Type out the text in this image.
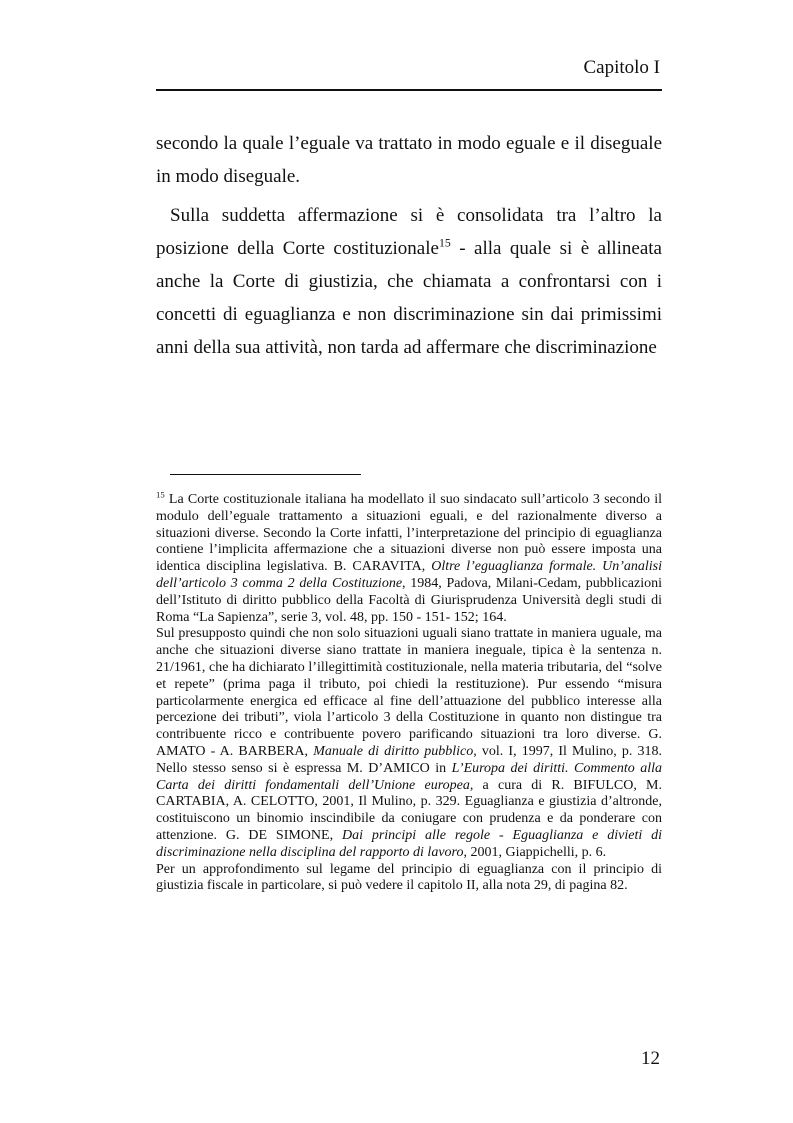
Capitolo I

secondo la quale l’eguale va trattato in modo eguale e il diseguale in modo diseguale.

Sulla suddetta affermazione si è consolidata tra l’altro la posizione della Corte costituzionale$^{15}$ - alla quale si è allineata anche la Corte di giustizia, che chiamata a confrontarsi con i concetti di eguaglianza e non discriminazione sin dai primissimi anni della sua attività, non tarda ad affermare che discriminazione

$^{15}$ La Corte costituzionale italiana ha modellato il suo sindacato sull’articolo 3 secondo il modulo dell’eguale trattamento a situazioni eguali, e del razionalmente diverso a situazioni diverse. Secondo la Corte infatti, l’interpretazione del principio di eguaglianza contiene l’implicita affermazione che a situazioni diverse non può essere imposta una identica disciplina legislativa. B. CARAVITA, Oltre l’eguaglianza formale. Un’analisi dell’articolo 3 comma 2 della Costituzione, 1984, Padova, Milani-Cedam, pubblicazioni dell’Istituto di diritto pubblico della Facoltà di Giurisprudenza Università degli studi di Roma “La Sapienza”, serie 3, vol. 48, pp. 150 - 151- 152; 164.

Sul presupposto quindi che non solo situazioni uguali siano trattate in maniera uguale, ma anche che situazioni diverse siano trattate in maniera ineguale, tipica è la sentenza n. 21/1961, che ha dichiarato l’illegittimità costituzionale, nella materia tributaria, del “solve et repete” (prima paga il tributo, poi chiedi la restituzione). Pur essendo “misura particolarmente energica ed efficace al fine dell’attuazione del pubblico interesse alla percezione dei tributi”, viola l’articolo 3 della Costituzione in quanto non distingue tra contribuente ricco e contribuente povero parificando situazioni tra loro diverse. G. AMATO - A. BARBERA, Manuale di diritto pubblico, vol. I, 1997, Il Mulino, p. 318. Nello stesso senso si è espressa M. D’AMICO in L’Europa dei diritti. Commento alla Carta dei diritti fondamentali dell’Unione europea, a cura di R. BIFULCO, M. CARTABIA, A. CELOTTO, 2001, Il Mulino, p. 329. Eguaglianza e giustizia d’altronde, costituiscono un binomio inscindibile da coniugare con prudenza e da ponderare con attenzione. G. DE SIMONE, Dai principi alle regole - Eguaglianza e divieti di discriminazione nella disciplina del rapporto di lavoro, 2001, Giappichelli, p. 6.

Per un approfondimento sul legame del principio di eguaglianza con il principio di giustizia fiscale in particolare, si può vedere il capitolo II, alla nota 29, di pagina 82.

12
